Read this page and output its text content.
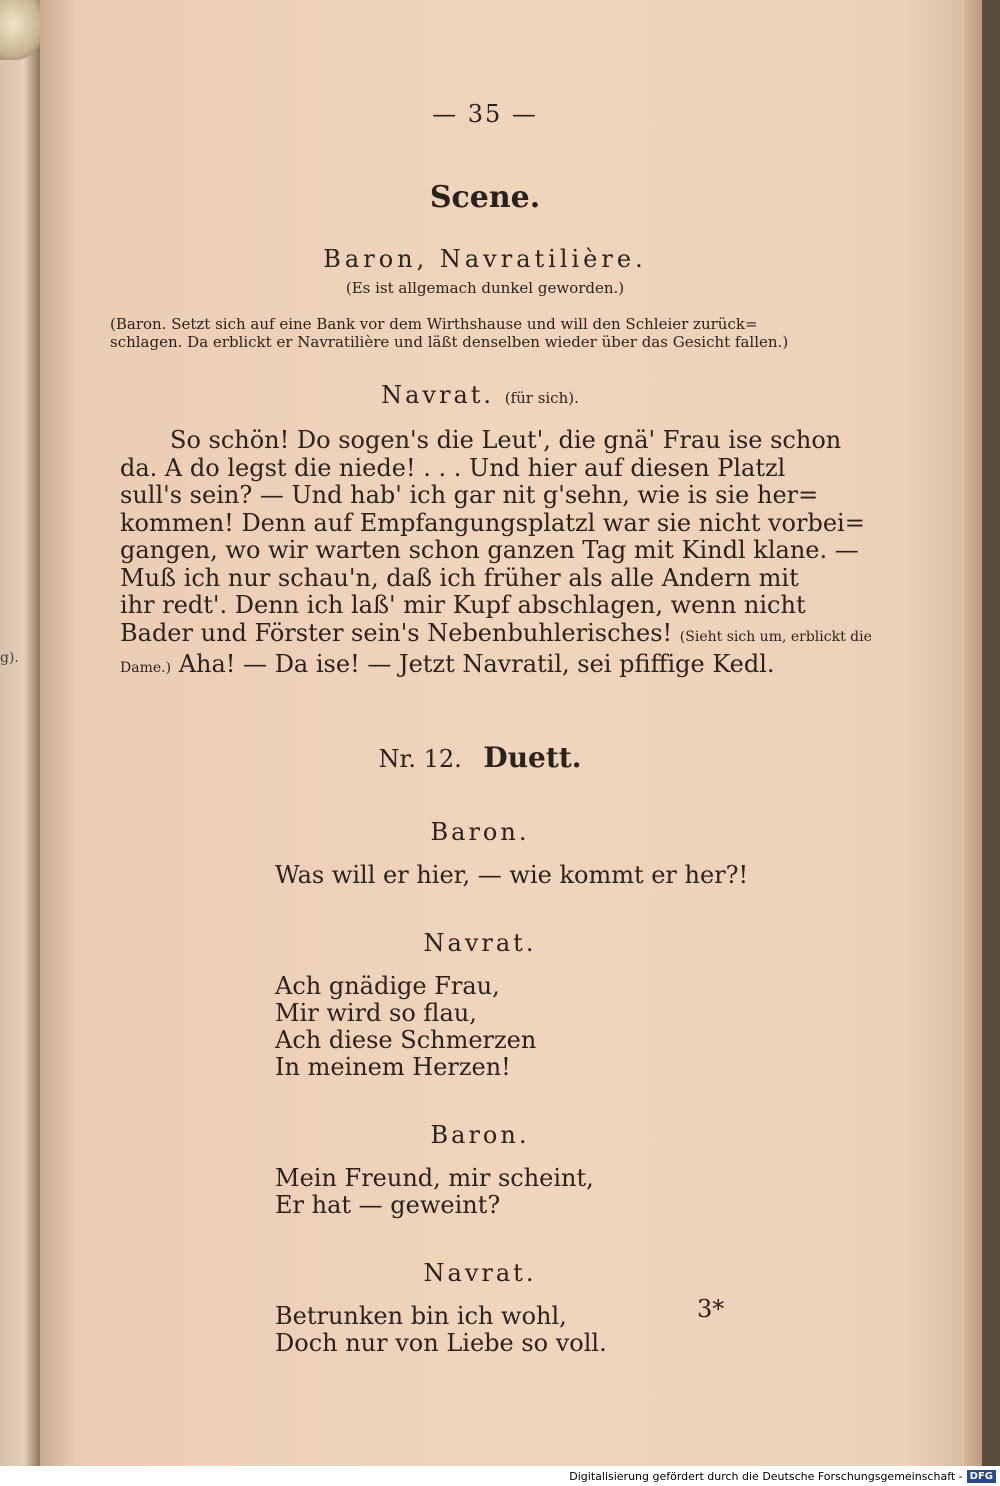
g).
— 35 —
Scene.
Baron, Navratilière.
(Es ist allgemach dunkel geworden.)
(Baron. Setzt sich auf eine Bank vor dem Wirthshause und will den Schleier zurück=
schlagen. Da erblickt er Navratilière und läßt denselben wieder über das Gesicht fallen.)
Navrat. (für sich).

So schön! Do sogen's die Leut', die gnä' Frau ise schon

da. A do legst die niede! . . . Und hier auf diesen Platzl

sull's sein? — Und hab' ich gar nit g'sehn, wie is sie her=

kommen! Denn auf Empfangungsplatzl war sie nicht vorbei=

gangen, wo wir warten schon ganzen Tag mit Kindl klane. —

Muß ich nur schau'n, daß ich früher als alle Andern mit

ihr redt'. Denn ich laß' mir Kupf abschlagen, wenn nicht

Bader und Förster sein's Nebenbuhlerisches! (Sieht sich um, erblickt die

Dame.) Aha! — Da ise! — Jetzt Navratil, sei pfiffige Kedl.

Nr. 12. Duett.
Baron.
Was will er hier, — wie kommt er her?!
Navrat.
Ach gnädige Frau,
Mir wird so flau,
Ach diese Schmerzen
In meinem Herzen!
Baron.
Mein Freund, mir scheint,
Er hat — geweint?
Navrat.
Betrunken bin ich wohl,
Doch nur von Liebe so voll.
3*
Digitalisierung gefördert durch die Deutsche Forschungsgemeinschaft - DFG
